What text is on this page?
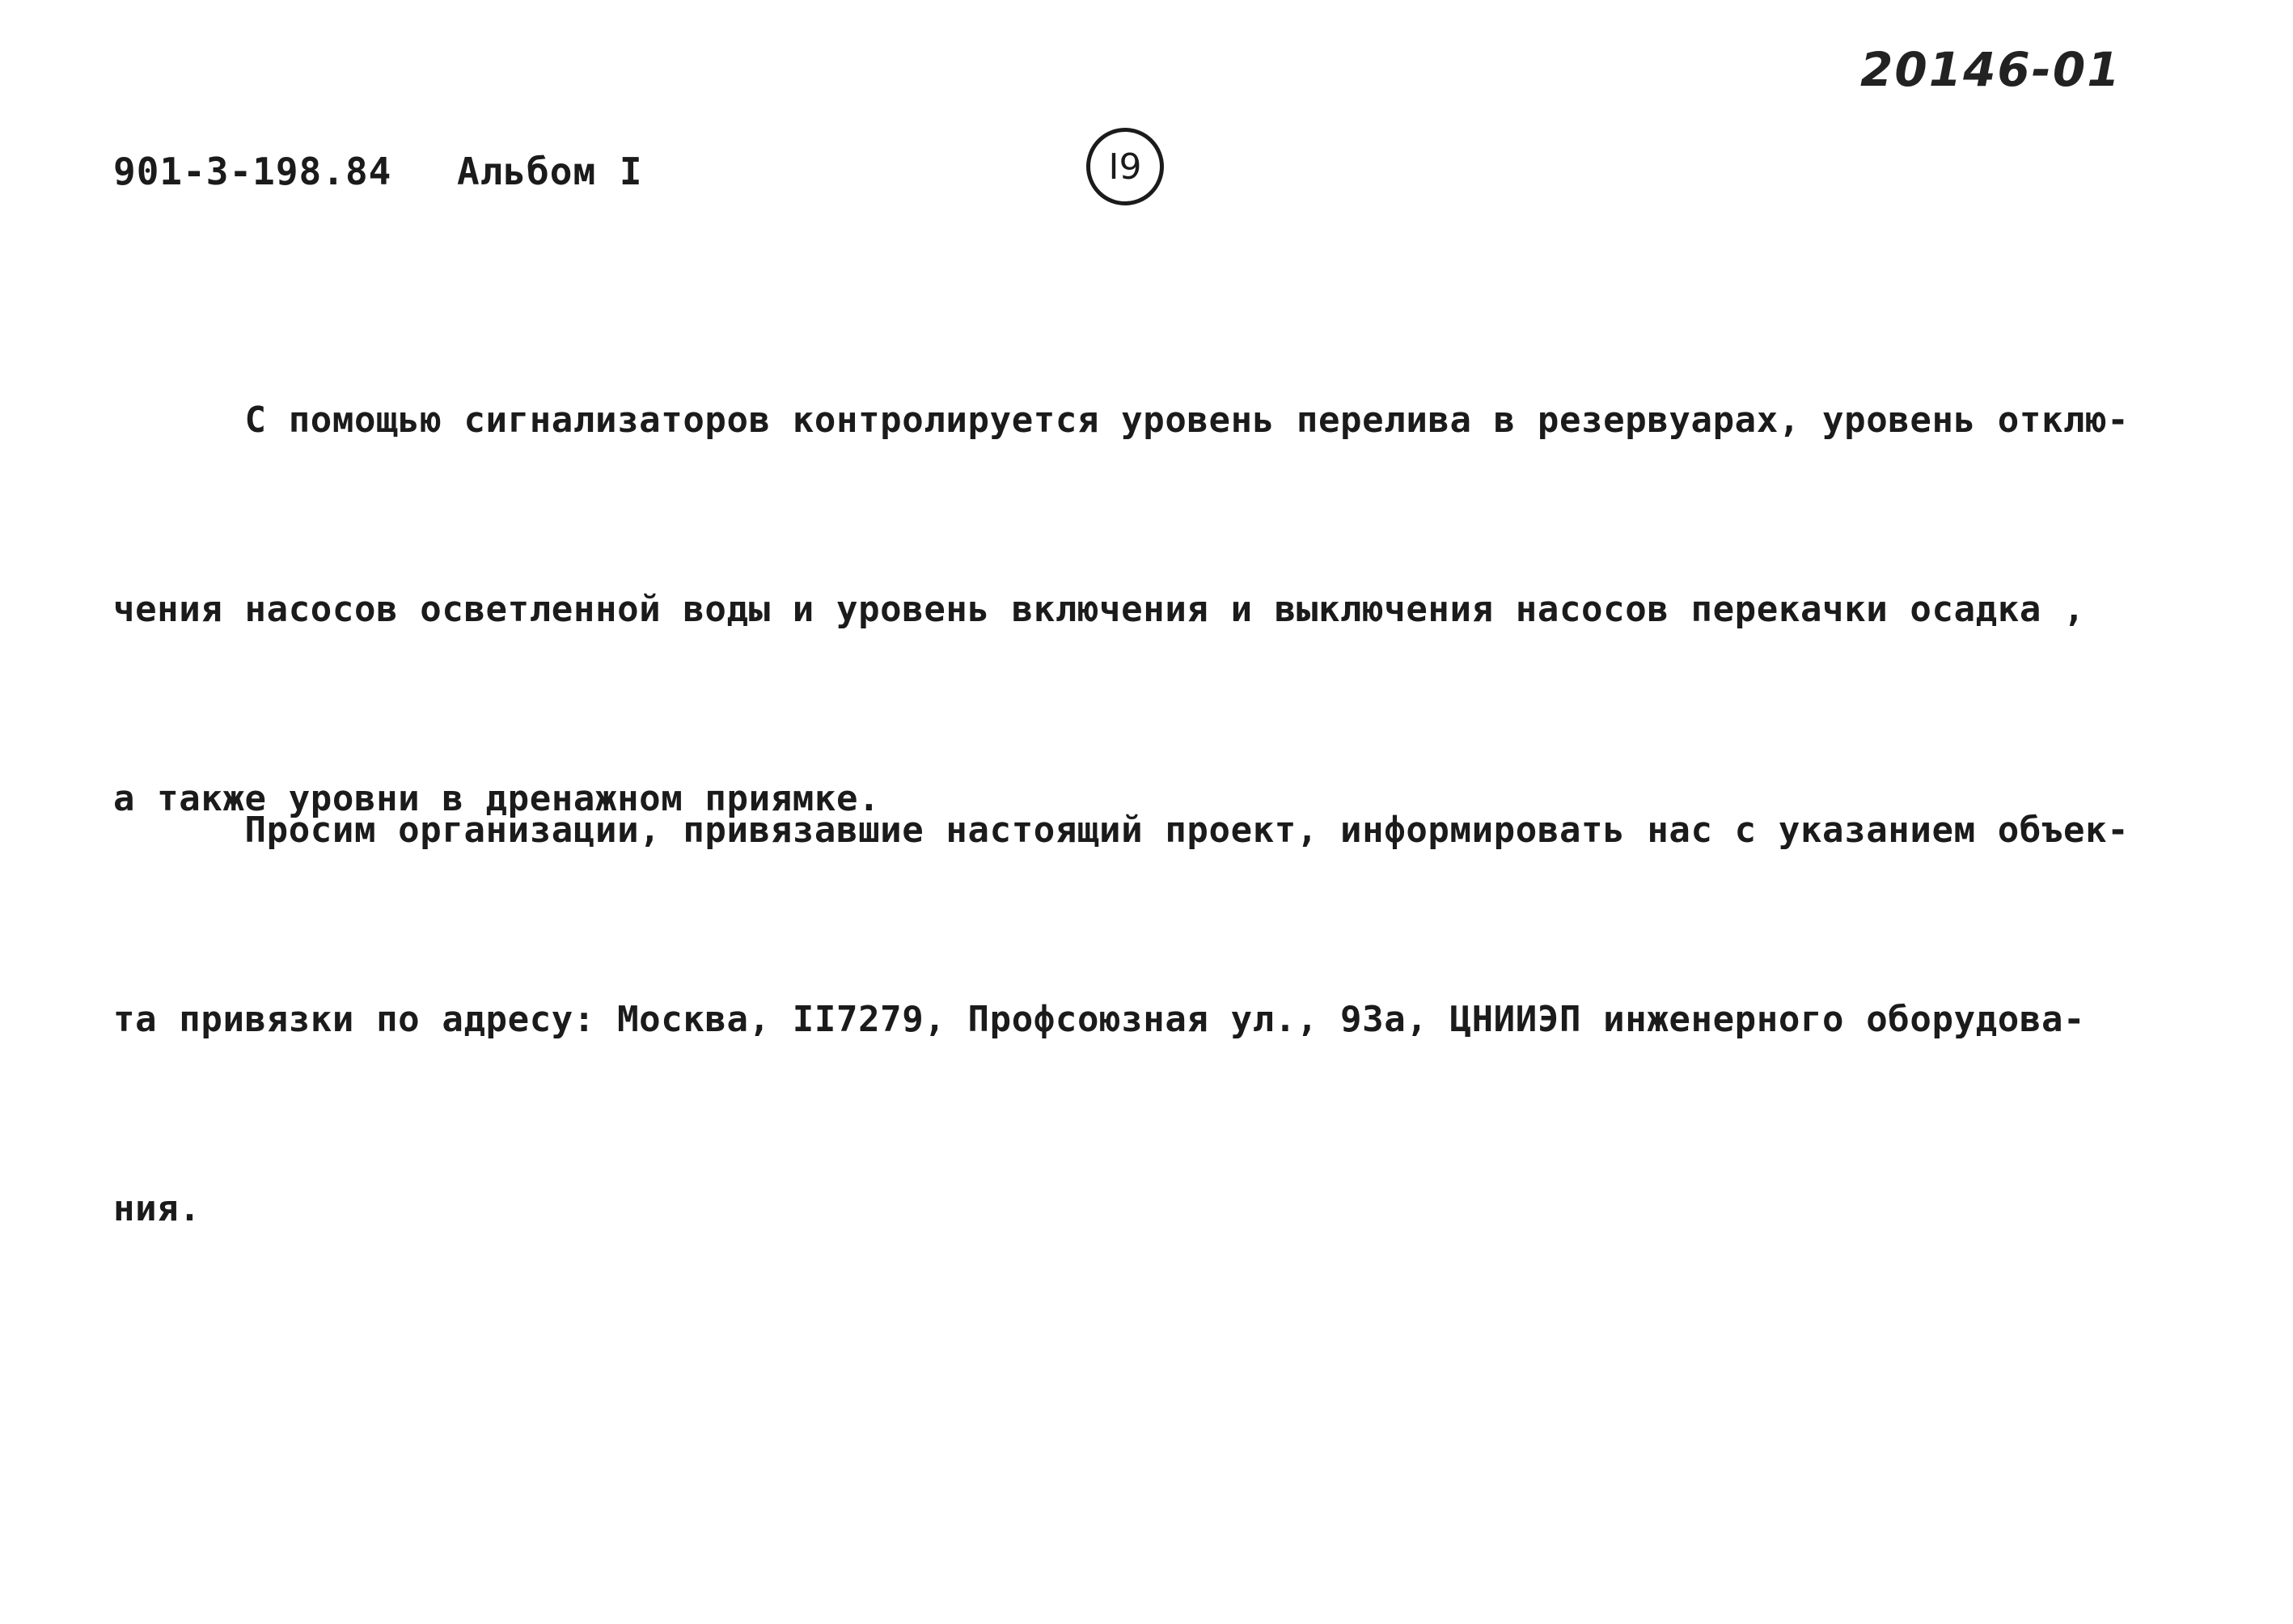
20146-01
901-3-198.84 Альбом I	I9

С помощью сигнализаторов контролируется уровень перелива в резервуарах, уровень отклю-

чения насосов осветленной воды и уровень включения и выключения насосов перекачки осадка ,

а также уровни в дренажном приямке.

Просим организации, привязавшие настоящий проект, информировать нас с указанием объек-

та привязки по адресу: Москва, II7279, Профсоюзная ул., 93а, ЦНИИЭП инженерного оборудова-

ния.
